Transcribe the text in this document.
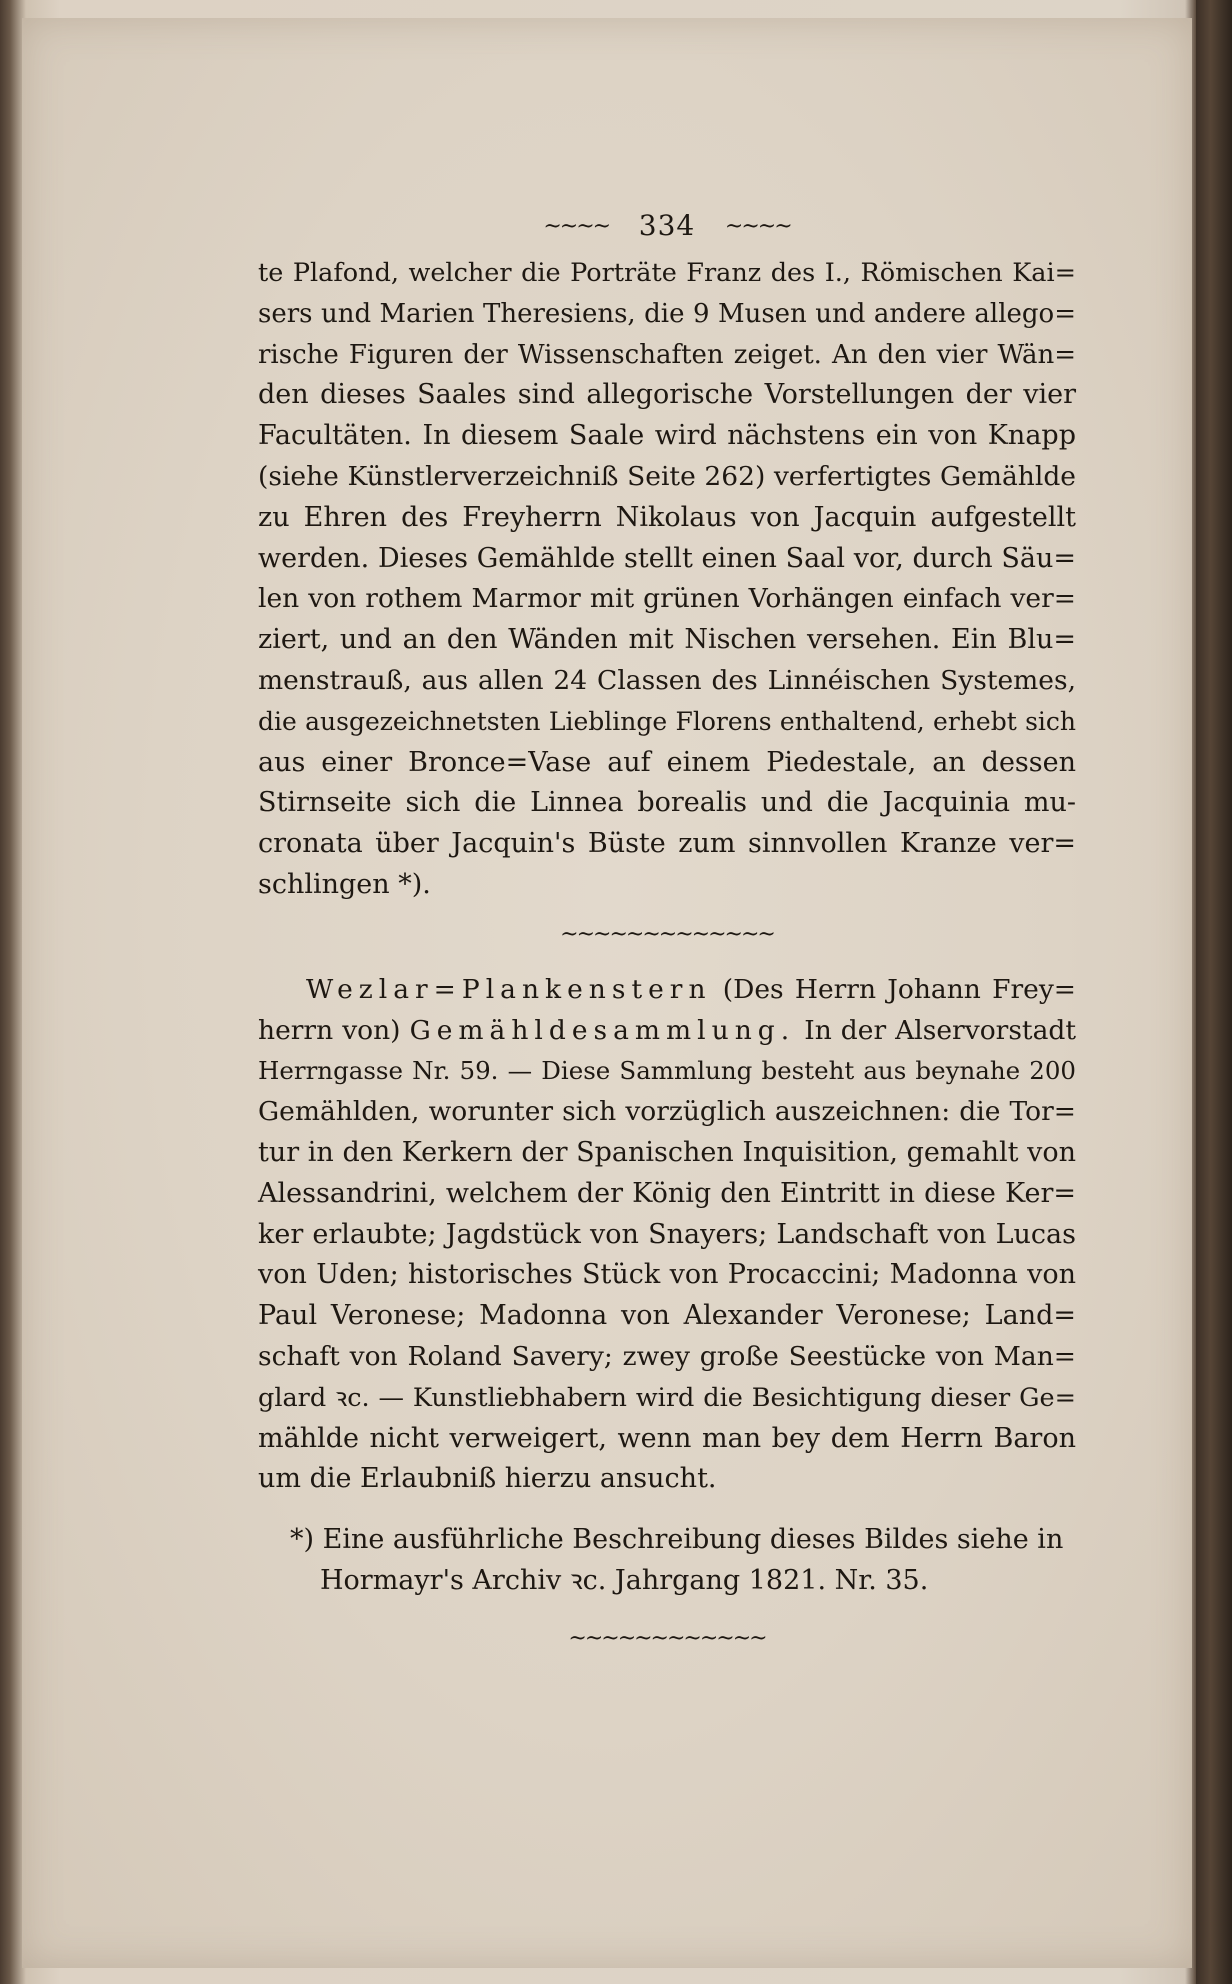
~~~~ 334 ~~~~
te Plafond, welcher die Porträte Franz des I., Römischen Kai=
sers und Marien Theresiens, die 9 Musen und andere allego=
rische Figuren der Wissenschaften zeiget. An den vier Wän=
den dieses Saales sind allegorische Vorstellungen der vier
Facultäten. In diesem Saale wird nächstens ein von Knapp
(siehe Künstlerverzeichniß Seite 262) verfertigtes Gemählde
zu Ehren des Freyherrn Nikolaus von Jacquin aufgestellt
werden. Dieses Gemählde stellt einen Saal vor, durch Säu=
len von rothem Marmor mit grünen Vorhängen einfach ver=
ziert, und an den Wänden mit Nischen versehen. Ein Blu=
menstrauß, aus allen 24 Classen des Linnéischen Systemes,
die ausgezeichnetsten Lieblinge Florens enthaltend, erhebt sich
aus einer Bronce=Vase auf einem Piedestale, an dessen
Stirnseite sich die Linnea borealis und die Jacquinia mu-
cronata über Jacquin's Büste zum sinnvollen Kranze ver=
schlingen *).
~~~~~~~~~~~~~
Wezlar=Plankenstern (Des Herrn Johann Frey=
herrn von) Gemähldesammlung. In der Alservorstadt
Herrngasse Nr. 59. — Diese Sammlung besteht aus beynahe 200
Gemählden, worunter sich vorzüglich auszeichnen: die Tor=
tur in den Kerkern der Spanischen Inquisition, gemahlt von
Alessandrini, welchem der König den Eintritt in diese Ker=
ker erlaubte; Jagdstück von Snayers; Landschaft von Lucas
von Uden; historisches Stück von Procaccini; Madonna von
Paul Veronese; Madonna von Alexander Veronese; Land=
schaft von Roland Savery; zwey große Seestücke von Man=
glard ꝛc. — Kunstliebhabern wird die Besichtigung dieser Ge=
mählde nicht verweigert, wenn man bey dem Herrn Baron
um die Erlaubniß hierzu ansucht.
*) Eine ausführliche Beschreibung dieses Bildes siehe in
Hormayr's Archiv ꝛc. Jahrgang 1821. Nr. 35.
~~~~~~~~~~~~
